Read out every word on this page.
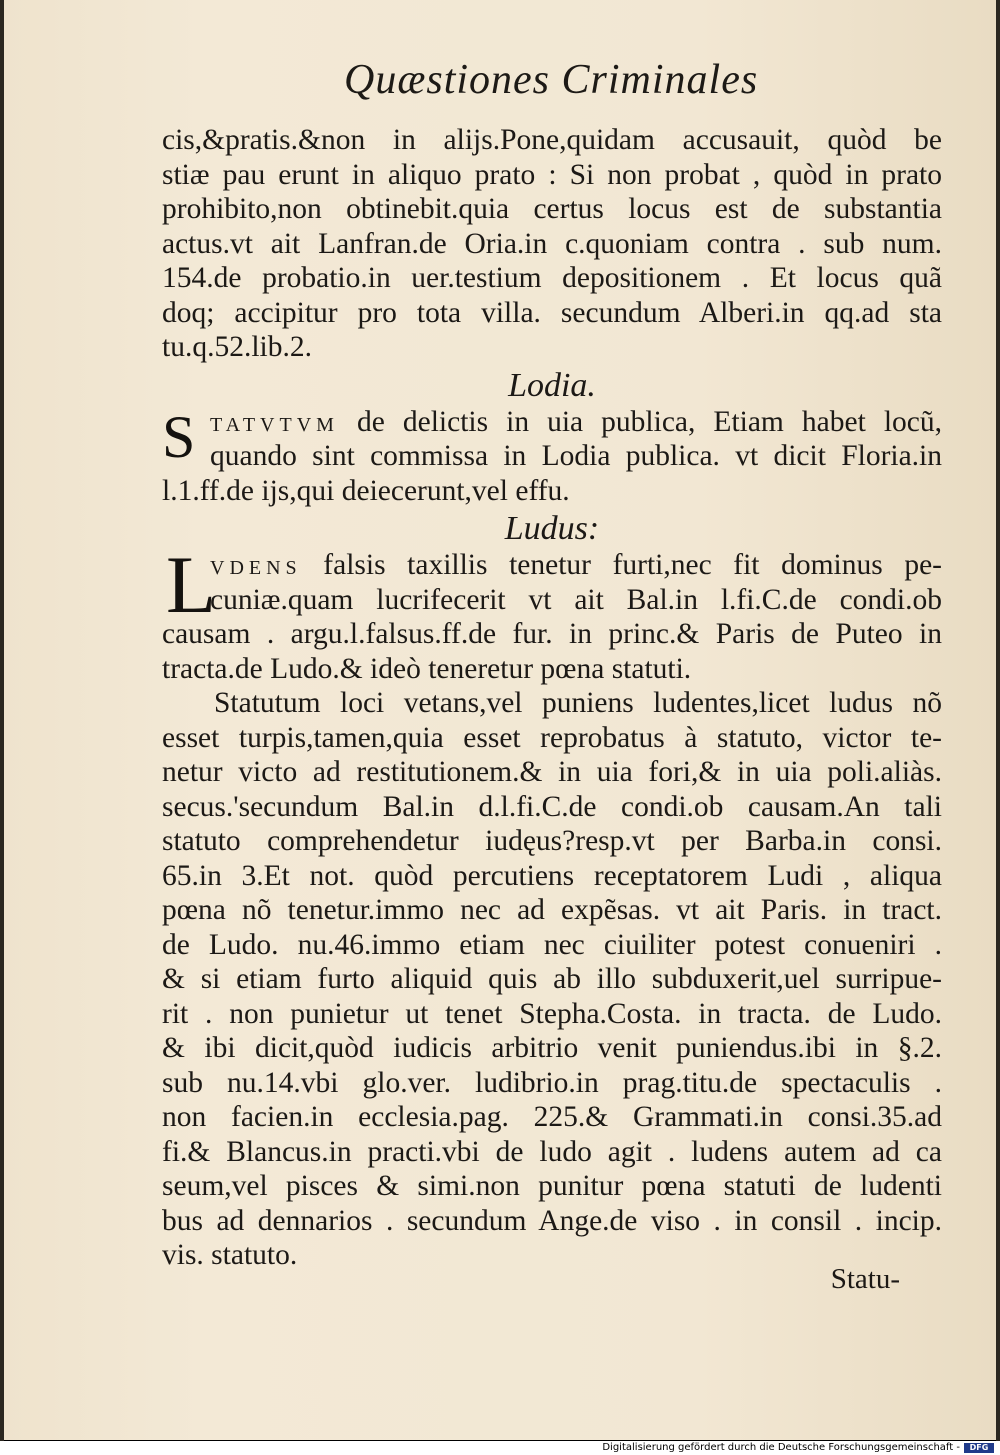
Quæstiones Criminales
cis,&pratis.&non in alijs.Pone,quidam accusauit, quòd be
stiæ pau erunt in aliquo prato : Si non probat , quòd in prato
prohibito,non obtinebit.quia certus locus est de substantia
actus.vt ait Lanfran.de Oria.in c.quoniam contra . sub num.
154.de probatio.in uer.testium depositionem . Et locus quã
doq; accipitur pro tota villa. secundum Alberi.in qq.ad sta
tu.q.52.lib.2.
Lodia.
S TATVTVM de delictis in uia publica, Etiam habet locũ,
quando sint commissa in Lodia publica. vt dicit Floria.in
l.1.ff.de ijs,qui deiecerunt,vel effu.
Ludus:
L
VDENS falsis taxillis tenetur furti,nec fit dominus pe-
cuniæ.quam lucrifecerit vt ait Bal.in l.fi.C.de condi.ob
causam . argu.l.falsus.ff.de fur. in princ.& Paris de Puteo in
tracta.de Ludo.& ideò teneretur pœna statuti.
Statutum loci vetans,vel puniens ludentes,licet ludus nõ
esset turpis,tamen,quia esset reprobatus à statuto, victor te-
netur victo ad restitutionem.& in uia fori,& in uia poli.aliàs.
secus.'secundum Bal.in d.l.fi.C.de condi.ob causam.An tali
statuto comprehendetur iudęus?resp.vt per Barba.in consi.
65.in 3.Et not. quòd percutiens receptatorem Ludi , aliqua
pœna nõ tenetur.immo nec ad expẽsas. vt ait Paris. in tract.
de Ludo. nu.46.immo etiam nec ciuiliter potest conueniri .
& si etiam furto aliquid quis ab illo subduxerit,uel surripue-
rit . non punietur ut tenet Stepha.Costa. in tracta. de Ludo.
& ibi dicit,quòd iudicis arbitrio venit puniendus.ibi in §.2.
sub nu.14.vbi glo.ver. ludibrio.in prag.titu.de spectaculis .
non facien.in ecclesia.pag. 225.& Grammati.in consi.35.ad
fi.& Blancus.in practi.vbi de ludo agit . ludens autem ad ca
seum,vel pisces & simi.non punitur pœna statuti de ludenti
bus ad dennarios . secundum Ange.de viso . in consil . incip.
vis. statuto.
Statu-
Digitalisierung gefördert durch die Deutsche Forschungsgemeinschaft -	DFG
